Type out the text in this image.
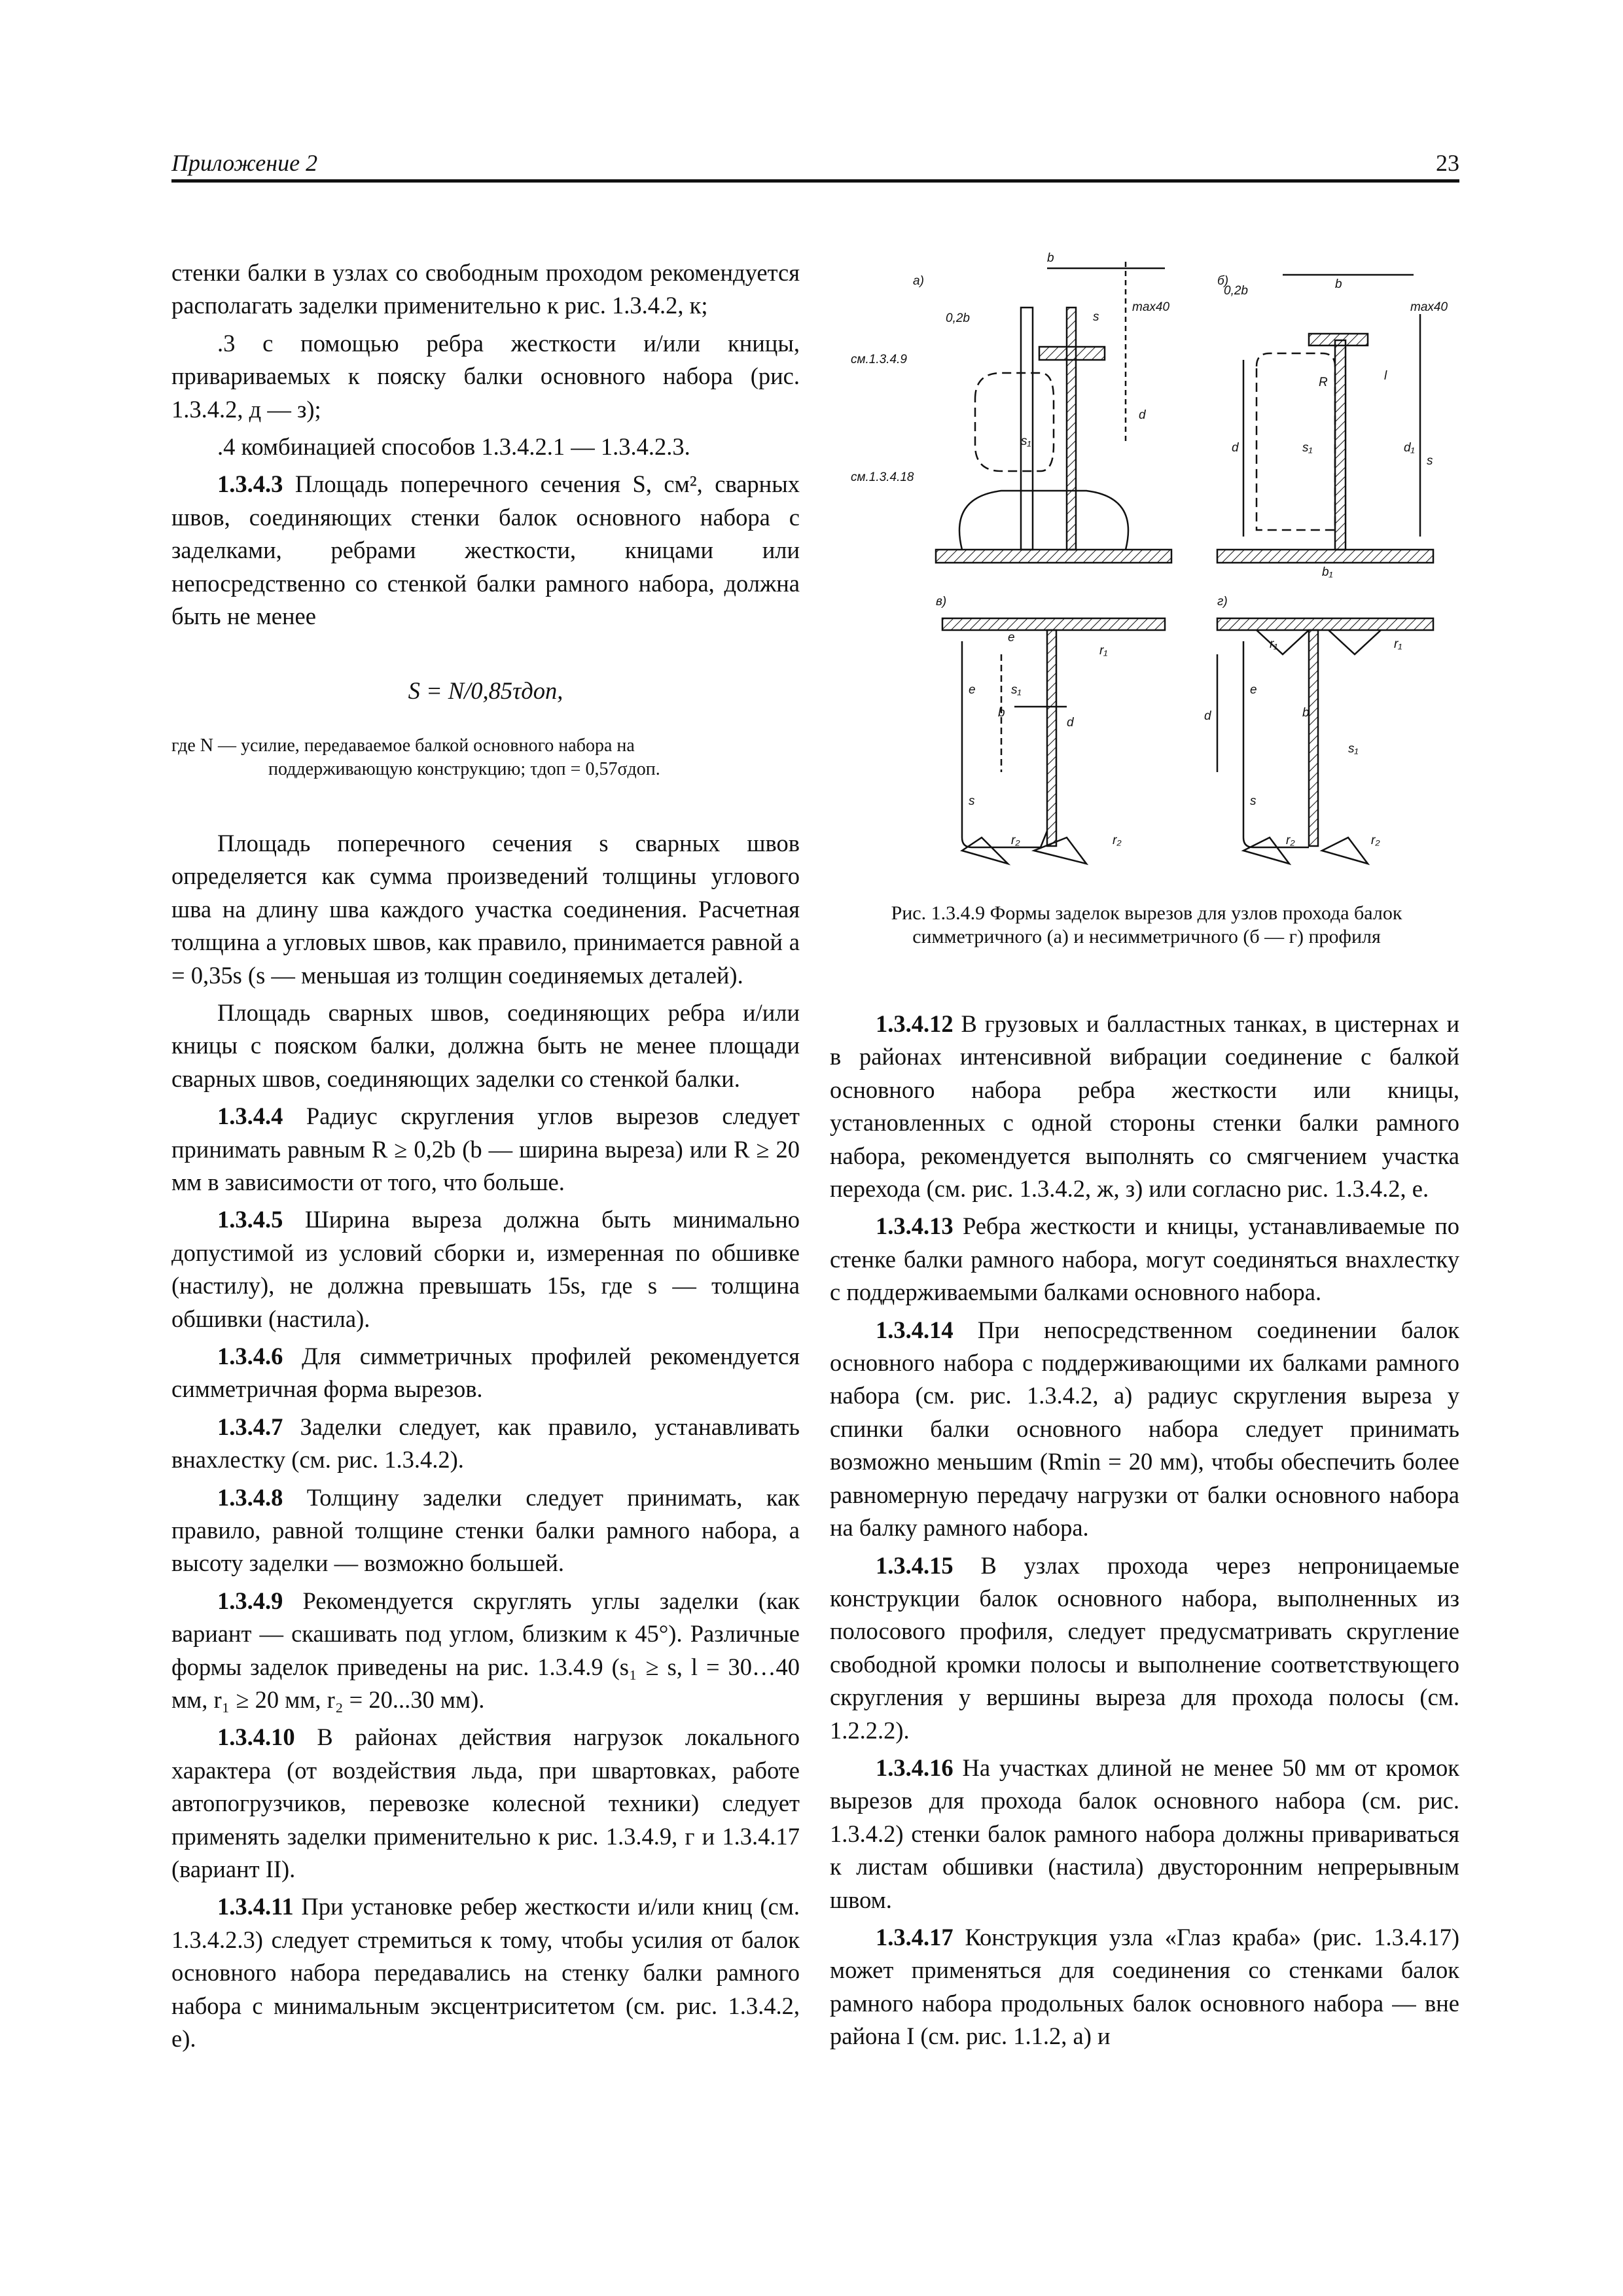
Приложение 2	23

стенки балки в узлах со свободным проходом рекомендуется располагать заделки применительно к рис. 1.3.4.2, к;

.3 с помощью ребра жесткости и/или кницы, привариваемых к пояску балки основного набора (рис. 1.3.4.2, д — з);

.4 комбинацией способов 1.3.4.2.1 — 1.3.4.2.3.

1.3.4.3 Площадь поперечного сечения S, см², сварных швов, соединяющих стенки балок основного набора с заделками, ребрами жесткости, кницами или непосредственно со стенкой балки рамного набора, должна быть не менее

S = N/0,85τдоп,
где N — усилие, передаваемое балкой основного набора на
поддерживающую конструкцию; τдоп = 0,57σдоп.

Площадь поперечного сечения s сварных швов определяется как сумма произведений толщины углового шва на длину шва каждого участка соединения. Расчетная толщина a угловых швов, как правило, принимается равной a = 0,35s (s — меньшая из толщин соединяемых деталей).

Площадь сварных швов, соединяющих ребра и/или кницы с пояском балки, должна быть не менее площади сварных швов, соединяющих заделки со стенкой балки.

1.3.4.4 Радиус скругления углов вырезов следует принимать равным R ≥ 0,2b (b — ширина выреза) или R ≥ 20 мм в зависимости от того, что больше.

1.3.4.5 Ширина выреза должна быть минимально допустимой из условий сборки и, измеренная по обшивке (настилу), не должна превышать 15s, где s — толщина обшивки (настила).

1.3.4.6 Для симметричных профилей рекомендуется симметричная форма вырезов.

1.3.4.7 Заделки следует, как правило, устанавливать внахлестку (см. рис. 1.3.4.2).

1.3.4.8 Толщину заделки следует принимать, как правило, равной толщине стенки балки рамного набора, а высоту заделки — возможно большей.

1.3.4.9 Рекомендуется скруглять углы заделки (как вариант — скашивать под углом, близким к 45°). Различные формы заделок приведены на рис. 1.3.4.9 (s₁ ≥ s, l = 30…40 мм, r₁ ≥ 20 мм, r₂ = 20...30 мм).

1.3.4.10 В районах действия нагрузок локального характера (от воздействия льда, при швартовках, работе автопогрузчиков, перевозке колесной техники) следует применять заделки применительно к рис. 1.3.4.9, г и 1.3.4.17 (вариант II).

1.3.4.11 При установке ребер жесткости и/или книц (см. 1.3.4.2.3) следует стремиться к тому, чтобы усилия от балок основного набора передавались на стенку балки рамного набора с минимальным эксцентриситетом (см. рис. 1.3.4.2, е).

а)	б)
в)	г)
см.1.3.4.9
см.1.3.4.18
b
0,2b
max40
s
s₁
d
b
0,2b
max40
l
R
s₁
d	d₁
s
b₁
e
e	s₁
b
d
s
r₁
r₂	r₂
r₁	r₁
e
b
d
s₁
s
r₂	r₂
Рис. 1.3.4.9 Формы заделок вырезов для узлов прохода балок симметричного (а) и несимметричного (б — г) профиля

1.3.4.12 В грузовых и балластных танках, в цистернах и в районах интенсивной вибрации соединение с балкой основного набора ребра жесткости или кницы, установленных с одной стороны стенки балки рамного набора, рекомендуется выполнять со смягчением участка перехода (см. рис. 1.3.4.2, ж, з) или согласно рис. 1.3.4.2, е.

1.3.4.13 Ребра жесткости и кницы, устанавливаемые по стенке балки рамного набора, могут соединяться внахлестку с поддерживаемыми балками основного набора.

1.3.4.14 При непосредственном соединении балок основного набора с поддерживающими их балками рамного набора (см. рис. 1.3.4.2, а) радиус скругления выреза у спинки балки основного набора следует принимать возможно меньшим (Rmin = 20 мм), чтобы обеспечить более равномерную передачу нагрузки от балки основного набора на балку рамного набора.

1.3.4.15 В узлах прохода через непроницаемые конструкции балок основного набора, выполненных из полосового профиля, следует предусматривать скругление свободной кромки полосы и выполнение соответствующего скругления у вершины выреза для прохода полосы (см. 1.2.2.2).

1.3.4.16 На участках длиной не менее 50 мм от кромок вырезов для прохода балок основного набора (см. рис. 1.3.4.2) стенки балок рамного набора должны привариваться к листам обшивки (настила) двусторонним непрерывным швом.

1.3.4.17 Конструкция узла «Глаз краба» (рис. 1.3.4.17) может применяться для соединения со стенками балок рамного набора продольных балок основного набора — вне района I (см. рис. 1.1.2, а) и
